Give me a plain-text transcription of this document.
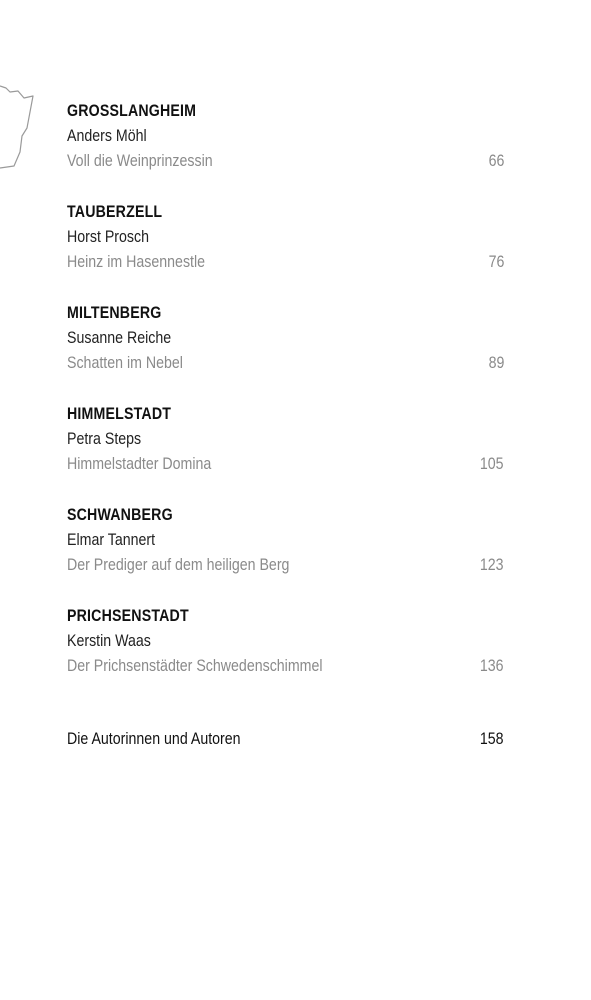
GROSSLANGHEIM
Anders Möhl
Voll die Weinprinzessin	66
TAUBERZELL
Horst Prosch
Heinz im Hasennestle	76
MILTENBERG
Susanne Reiche
Schatten im Nebel	89
HIMMELSTADT
Petra Steps
Himmelstadter Domina	105
SCHWANBERG
Elmar Tannert
Der Prediger auf dem heiligen Berg	123
PRICHSENSTADT
Kerstin Waas
Der Prichsenstädter Schwedenschimmel	136
Die Autorinnen und Autoren	158
